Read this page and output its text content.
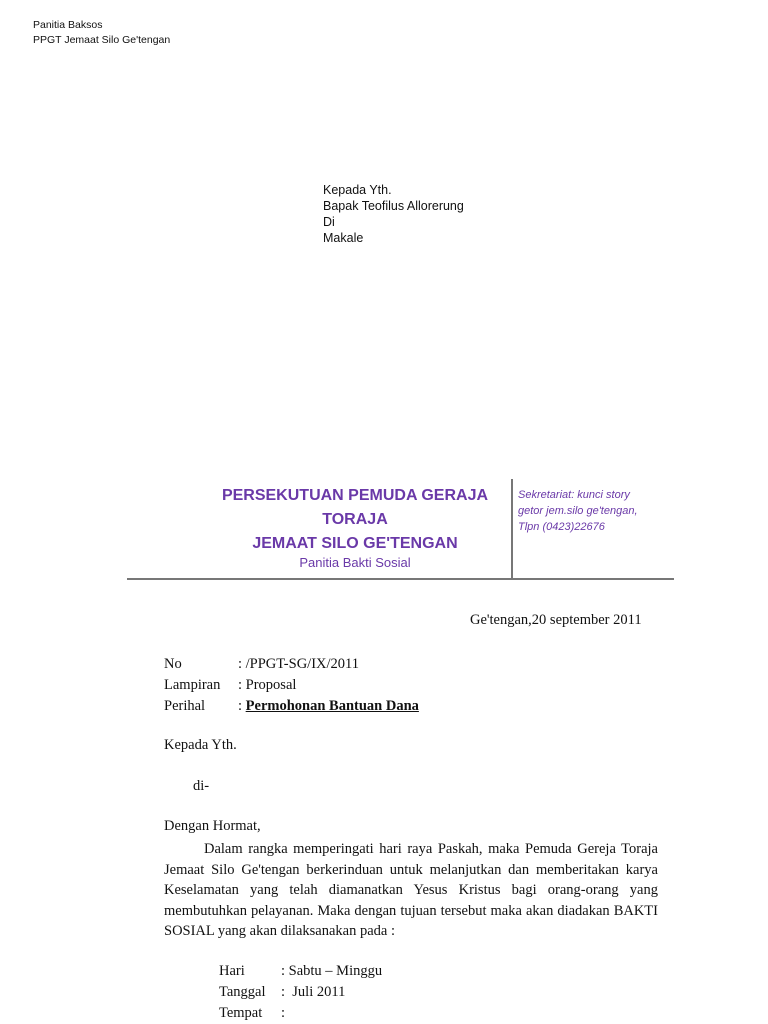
Panitia Baksos
PPGT Jemaat Silo Ge'tengan
Kepada Yth.
Bapak Teofilus Allorerung
Di
Makale
PERSEKUTUAN PEMUDA GERAJA
TORAJA
JEMAAT SILO GE'TENGAN
Panitia Bakti Sosial
Sekretariat: kunci story
getor jem.silo ge'tengan,
Tlpn (0423)22676
Ge'tengan,20 september 2011
No	: /PPGT-SG/IX/2011
Lampiran	: Proposal
Perihal	: Permohonan Bantuan Dana
Kepada Yth.
di-
Dengan Hormat,
Dalam rangka memperingati hari raya Paskah, maka Pemuda Gereja Toraja Jemaat Silo Ge'tengan berkerinduan untuk melanjutkan dan memberitakan karya Keselamatan yang telah diamanatkan Yesus Kristus bagi orang-orang yang membutuhkan pelayanan. Maka dengan tujuan tersebut maka akan diadakan BAKTI SOSIAL yang akan dilaksanakan pada :
Hari	: Sabtu – Minggu
Tanggal	:  Juli 2011
Tempat	:
